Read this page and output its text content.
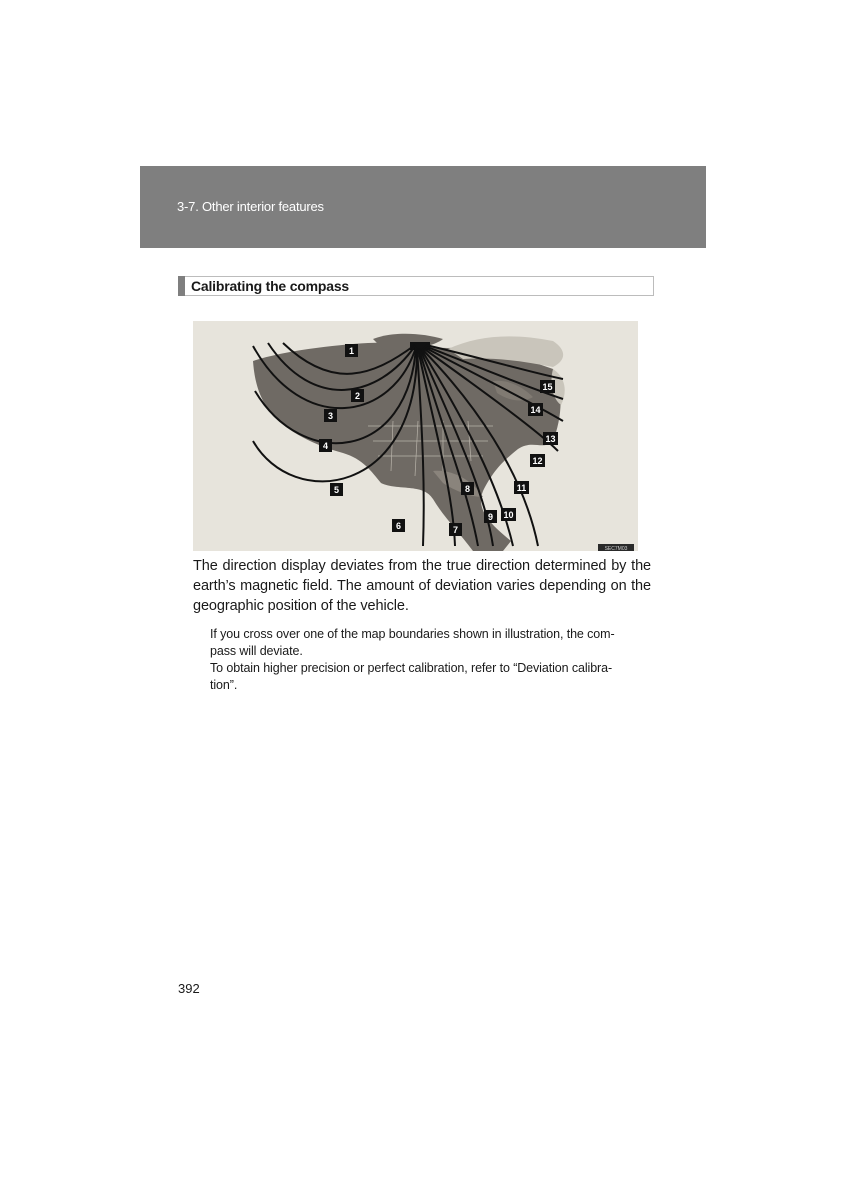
3-7. Other interior features
Calibrating the compass
1
2
3
4
5
6	7
8
9 10
11
12
13
14
15
SEC7M03
The direction display deviates from the true direction determined by the earth’s magnetic field. The amount of deviation varies depending on the geographic position of the vehicle.

If you cross over one of the map boundaries shown in illustration, the com-

pass will deviate.

To obtain higher precision or perfect calibration, refer to “Deviation calibra-

tion”.

392
